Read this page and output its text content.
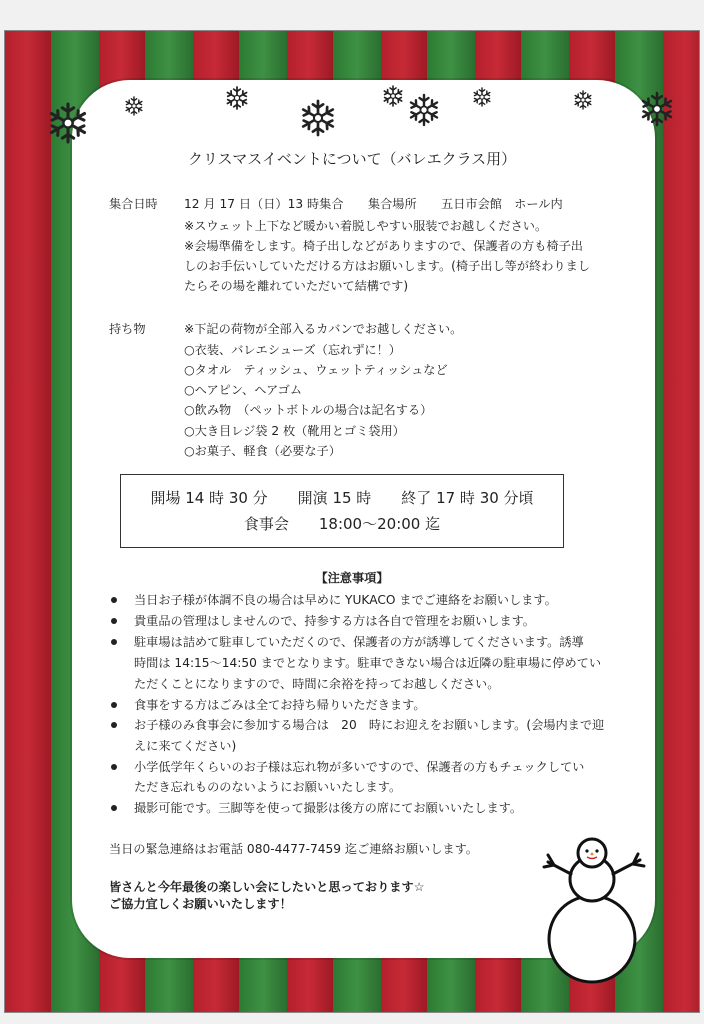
クリスマスイベントについて（バレエクラス用）
集合日時 12 月 17 日（日）13 時集合　　集合場所　　五日市会館　ホール内
※スウェット上下など暖かい着脱しやすい服装でお越しください。
※会場準備をします。椅子出しなどがありますので、保護者の方も椅子出
しのお手伝いしていただける方はお願いします。(椅子出し等が終わりまし
たらその場を離れていただいて結構です)
持ち物	※下記の荷物が全部入るカバンでお越しください。
○衣装、バレエシューズ（忘れずに！）
○タオル　ティッシュ、ウェットティッシュなど
○ヘアピン、ヘアゴム
○飲み物　（ペットボトルの場合は記名する）
○大き目レジ袋 2 枚（靴用とゴミ袋用）
○お菓子、軽食（必要な子）
開場 14 時 30 分　　開演 15 時　　終了 17 時 30 分頃
食事会　　18:00～20:00 迄
【注意事項】
当日お子様が体調不良の場合は早めに YUKACO までご連絡をお願いします。
貴重品の管理はしませんので、持参する方は各自で管理をお願いします。
駐車場は詰めて駐車していただくので、保護者の方が誘導してくださいます。誘導
時間は 14:15～14:50 までとなります。駐車できない場合は近隣の駐車場に停めてい
ただくことになりますので、時間に余裕を持ってお越しください。
食事をする方はごみは全てお持ち帰りいただきます。
お子様のみ食事会に参加する場合は　20　時にお迎えをお願いします。(会場内まで迎
えに来てください)
小学低学年くらいのお子様は忘れ物が多いですので、保護者の方もチェックしてい
ただき忘れもののないようにお願いいたします。
撮影可能です。三脚等を使って撮影は後方の席にてお願いいたします。
当日の緊急連絡はお電話 080‐4477‐7459 迄ご連絡お願いします。
皆さんと今年最後の楽しい会にしたいと思っております☆
ご協力宜しくお願いいたします！
